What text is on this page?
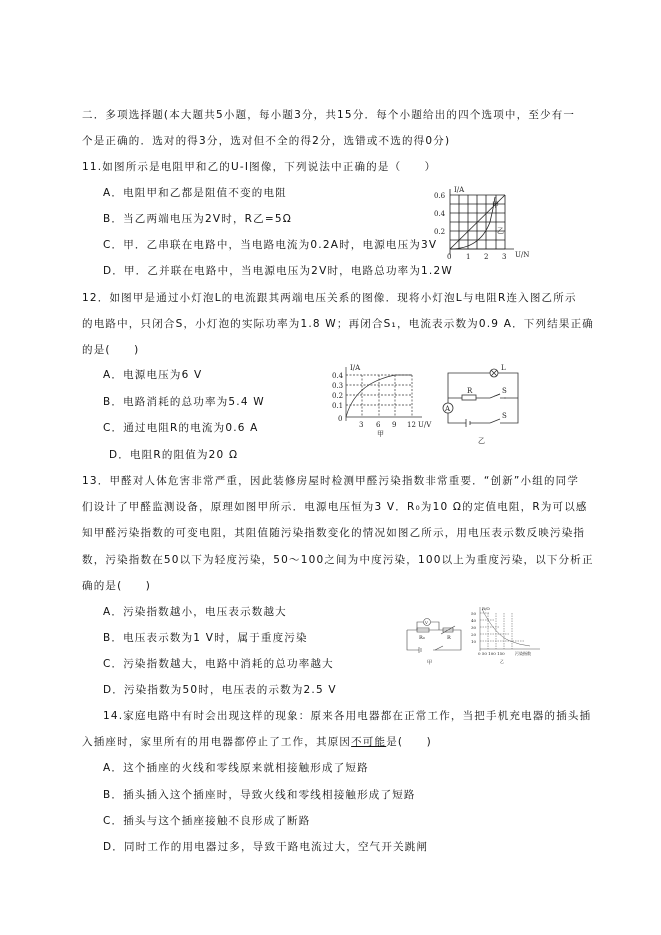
二．多项选择题(本大题共5小题，每小题3分，共15分．每个小题给出的四个选项中，至少有一
个是正确的．选对的得3分，选对但不全的得2分，选错或不选的得0分)
11.如图所示是电阻甲和乙的U-I图像，下列说法中正确的是（　　）
A．电阻甲和乙都是阻值不变的电阻
B．当乙两端电压为2V时，R乙=5Ω
C．甲．乙串联在电路中，当电路电流为0.2A时，电源电压为3V
D．甲．乙并联在电路中，当电源电压为2V时，电路总功率为1.2W
I/A
U/N
0.6
0.4
0.2
0 1 2 3
甲
乙
12．如图甲是通过小灯泡L的电流跟其两端电压关系的图像．现将小灯泡L与电阻R连入图乙所示
的电路中，只闭合S，小灯泡的实际功率为1.8 W；再闭合S₁，电流表示数为0.9 A．下列结果正确
的是(　　)
A．电源电压为6 V
B．电路消耗的总功率为5.4 W
C．通过电阻R的电流为0.6 A
D．电阻R的阻值为20 Ω
I/A
0.4
0.3
0.2
0.1
0
3 6 9 12 U/V
甲
L
R	S
S
A
乙
13．甲醛对人体危害非常严重，因此装修房屋时检测甲醛污染指数非常重要．“创新”小组的同学
们设计了甲醛监测设备，原理如图甲所示．电源电压恒为3 V．R₀为10 Ω的定值电阻，R为可以感
知甲醛污染指数的可变电阻，其阻值随污染指数变化的情况如图乙所示，用电压表示数反映污染指
数，污染指数在50以下为轻度污染，50～100之间为中度污染，100以上为重度污染，以下分析正
确的是(　　)
A．污染指数越小，电压表示数越大
B．电压表示数为1 V时，属于重度污染
C．污染指数越大，电路中消耗的总功率越大
D．污染指数为50时，电压表的示数为2.5 V
V
R₀	R
甲
R/Ω
50
40
30
20
10
0 50 100 150	污染指数
乙
14.家庭电路中有时会出现这样的现象：原来各用电器都在正常工作，当把手机充电器的插头插
入插座时，家里所有的用电器都停止了工作，其原因不可能是(　　)
A．这个插座的火线和零线原来就相接触形成了短路
B．插头插入这个插座时，导致火线和零线相接触形成了短路
C．插头与这个插座接触不良形成了断路
D．同时工作的用电器过多，导致干路电流过大，空气开关跳闸
